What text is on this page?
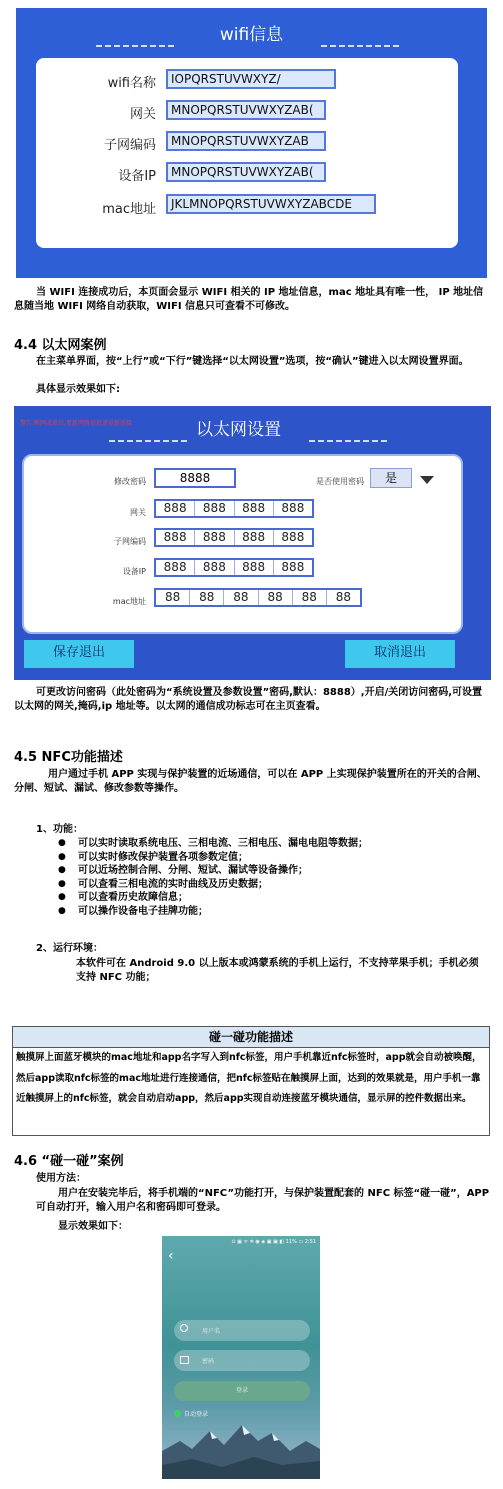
wifi信息
wifi名称	IOPQRSTUVWXYZ/
网关	MNOPQRSTUVWXYZAB(
子网编码	MNOPQRSTUVWXYZAB
设备IP	MNOPQRSTUVWXYZAB(
mac地址	JKLMNOPQRSTUVWXYZABCDE
当 WIFI 连接成功后，本页面会显示 WIFI 相关的 IP 地址信息，mac 地址具有唯一性， IP 地址信息随当地 WIFI 网络自动获取，WIFI 信息只可查看不可修改。
4.4 以太网案例
在主菜单界面，按“上行”或“下行”键选择“以太网设置”选项，按“确认”键进入以太网设置界面。
具体显示效果如下:
警告:断网或重启,更新网络信息请重新连接	以太网设置
修改密码	8888	是否使用密码	是
网关	888	888	888	888
子网编码	888	888	888	888
设备IP	888	888	888	888
mac地址	88	88	88	88	88	88
保存退出	取消退出
可更改访问密码（此处密码为“系统设置及参数设置”密码,默认：8888）,开启/关闭访问密码,可设置以太网的网关,掩码,ip 地址等。以太网的通信成功标志可在主页查看。
4.5 NFC功能描述
用户通过手机 APP 实现与保护装置的近场通信，可以在 APP 上实现保护装置所在的开关的合闸、分闸、短试、漏试、修改参数等操作。
1、功能：
● 可以实时读取系统电压、三相电流、三相电压、漏电电阻等数据；
● 可以实时修改保护装置各项参数定值；
● 可以近场控制合闸、分闸、短试、漏试等设备操作；
● 可以查看三相电流的实时曲线及历史数据；
● 可以查看历史故障信息；
● 可以操作设备电子挂牌功能；
2、运行环境：
本软件可在 Android 9.0 以上版本或鸿蒙系统的手机上运行，不支持苹果手机；手机必须支持 NFC 功能；
碰一碰功能描述
触摸屏上面蓝牙模块的mac地址和app名字写入到nfc标签，用户手机靠近nfc标签时，app就会自动被唤醒，然后app读取nfc标签的mac地址进行连接通信，把nfc标签贴在触摸屏上面，达到的效果就是，用户手机一靠近触摸屏上的nfc标签，就会自动启动app，然后app实现自动连接蓝牙模块通信，显示屏的控件数据出来。
4.6 “碰一碰”案例
使用方法：
用户在安装完毕后，将手机端的“NFC”功能打开，与保护装置配套的 NFC 标签“碰一碰”，APP 可自动打开，输入用户名和密码即可登录。
显示效果如下：
⊙ ▣ ᯤ ✲ ◉ ◈ ▣ ▣ ◧ 11% ▭ 2:51
‹
用户名
密码
登录
自动登录
